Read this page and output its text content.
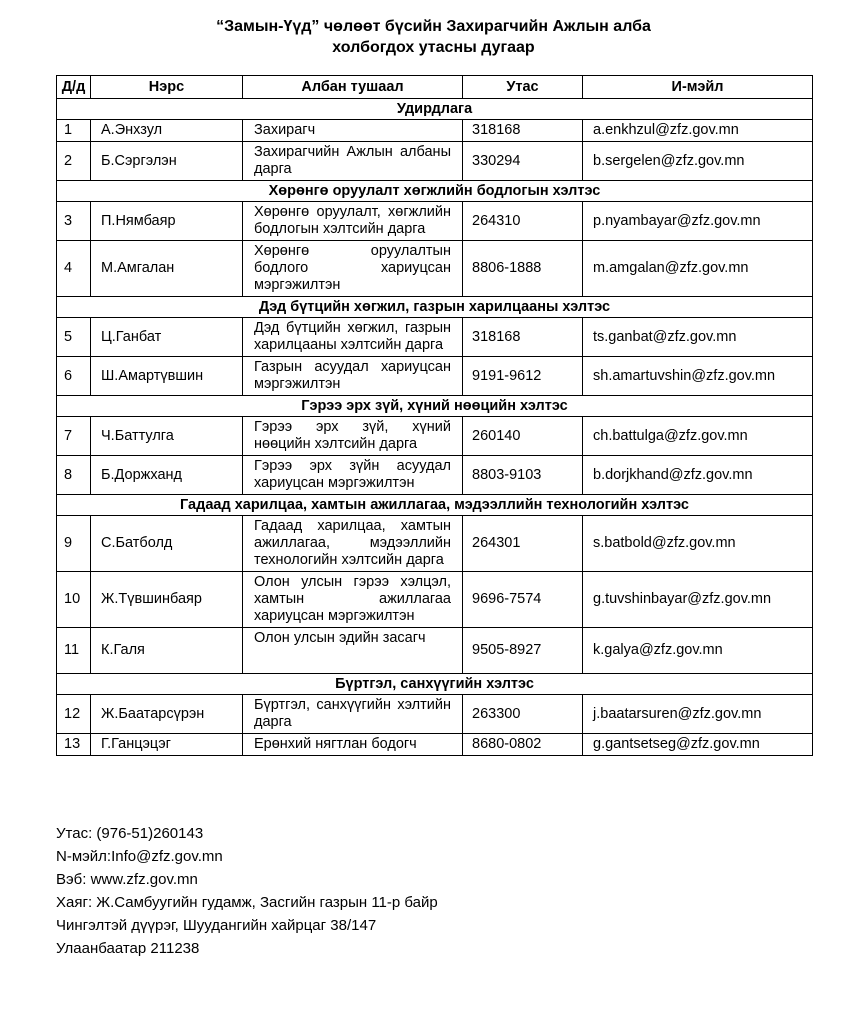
“Замын-Үүд” чөлөөт бүсийн Захирагчийн Ажлын алба
холбогдох утасны дугаар
Д/д	Нэрс	Албан тушаал	Утас	И-мэйл
Удирдлага				
1	А.Энхзул	Захирагч	318168	a.enkhzul@zfz.gov.mn
2	Б.Сэргэлэн	Захирагчийн Ажлын албаны дарга	330294	b.sergelen@zfz.gov.mn
Хөрөнгө оруулалт хөгжлийн бодлогын хэлтэс				
3	П.Нямбаяр	Хөрөнгө оруулалт, хөгжлийн бодлогын хэлтсийн дарга	264310	p.nyambayar@zfz.gov.mn
4	М.Амгалан	Хөрөнгө оруулалтын бодлого хариуцсан мэргэжилтэн	8806-1888	m.amgalan@zfz.gov.mn
Дэд бүтцийн хөгжил, газрын харилцааны хэлтэс				
5	Ц.Ганбат	Дэд бүтцийн хөгжил, газрын харилцааны хэлтсийн дарга	318168	ts.ganbat@zfz.gov.mn
6	Ш.Амартүвшин	Газрын асуудал хариуцсан мэргэжилтэн	9191-9612	sh.amartuvshin@zfz.gov.mn
Гэрээ эрх зүй, хүний нөөцийн хэлтэс				
7	Ч.Баттулга	Гэрээ эрх зүй, хүний нөөцийн хэлтсийн дарга	260140	ch.battulga@zfz.gov.mn
8	Б.Доржханд	Гэрээ эрх зүйн асуудал хариуцсан мэргэжилтэн	8803-9103	b.dorjkhand@zfz.gov.mn
Гадаад харилцаа, хамтын ажиллагаа, мэдээллийн технологийн хэлтэс				
9	С.Батболд	Гадаад харилцаа, хамтын ажиллагаа, мэдээллийн технологийн хэлтсийн дарга	264301	s.batbold@zfz.gov.mn
10	Ж.Түвшинбаяр	Олон улсын гэрээ хэлцэл, хамтын ажиллагаа хариуцсан мэргэжилтэн	9696-7574	g.tuvshinbayar@zfz.gov.mn
11	К.Галя	Олон улсын эдийн засагч	9505-8927	k.galya@zfz.gov.mn
Бүртгэл, санхүүгийн хэлтэс				
12	Ж.Баатарсүрэн	Бүртгэл, санхүүгийн хэлтийн дарга	263300	j.baatarsuren@zfz.gov.mn
13	Г.Ганцэцэг	Ерөнхий нягтлан бодогч	8680-0802	g.gantsetseg@zfz.gov.mn
Утас: (976-51)260143
N-мэйл:Info@zfz.gov.mn
Вэб: www.zfz.gov.mn
Хаяг: Ж.Самбуугийн гудамж, Засгийн газрын 11-р байр
Чингэлтэй дүүрэг, Шуудангийн хайрцаг 38/147
Улаанбаатар 211238
